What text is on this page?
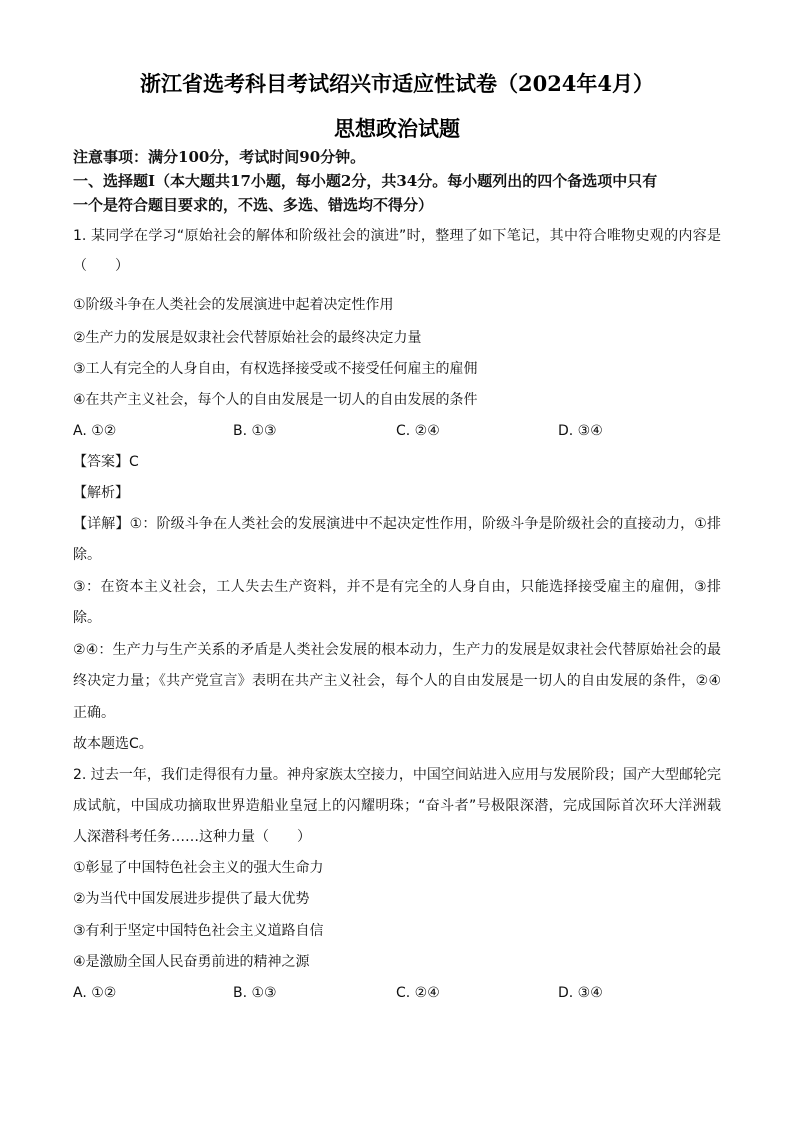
浙江省选考科目考试绍兴市适应性试卷（2024年4月）
思想政治试题
注意事项：满分100分，考试时间90分钟。
一、选择题Ⅰ（本大题共17小题，每小题2分，共34分。每小题列出的四个备选项中只有
一个是符合题目要求的，不选、多选、错选均不得分）
1. 某同学在学习“原始社会的解体和阶级社会的演进”时，整理了如下笔记，其中符合唯物史观的内容是
（　　）
①阶级斗争在人类社会的发展演进中起着决定性作用
②生产力的发展是奴隶社会代替原始社会的最终决定力量
③工人有完全的人身自由，有权选择接受或不接受任何雇主的雇佣
④在共产主义社会，每个人的自由发展是一切人的自由发展的条件
A. ①②	B. ①③	C. ②④	D. ③④
【答案】C
【解析】
【详解】①：阶级斗争在人类社会的发展演进中不起决定性作用，阶级斗争是阶级社会的直接动力，①排
除。
③：在资本主义社会，工人失去生产资料，并不是有完全的人身自由，只能选择接受雇主的雇佣，③排
除。
②④：生产力与生产关系的矛盾是人类社会发展的根本动力，生产力的发展是奴隶社会代替原始社会的最
终决定力量；《共产党宣言》表明在共产主义社会，每个人的自由发展是一切人的自由发展的条件，②④
正确。
故本题选C。
2. 过去一年，我们走得很有力量。神舟家族太空接力，中国空间站进入应用与发展阶段；国产大型邮轮完
成试航，中国成功摘取世界造船业皇冠上的闪耀明珠；“奋斗者”号极限深潜，完成国际首次环大洋洲载
人深潜科考任务……这种力量（　　）
①彰显了中国特色社会主义的强大生命力
②为当代中国发展进步提供了最大优势
③有利于坚定中国特色社会主义道路自信
④是激励全国人民奋勇前进的精神之源
A. ①②	B. ①③	C. ②④	D. ③④
